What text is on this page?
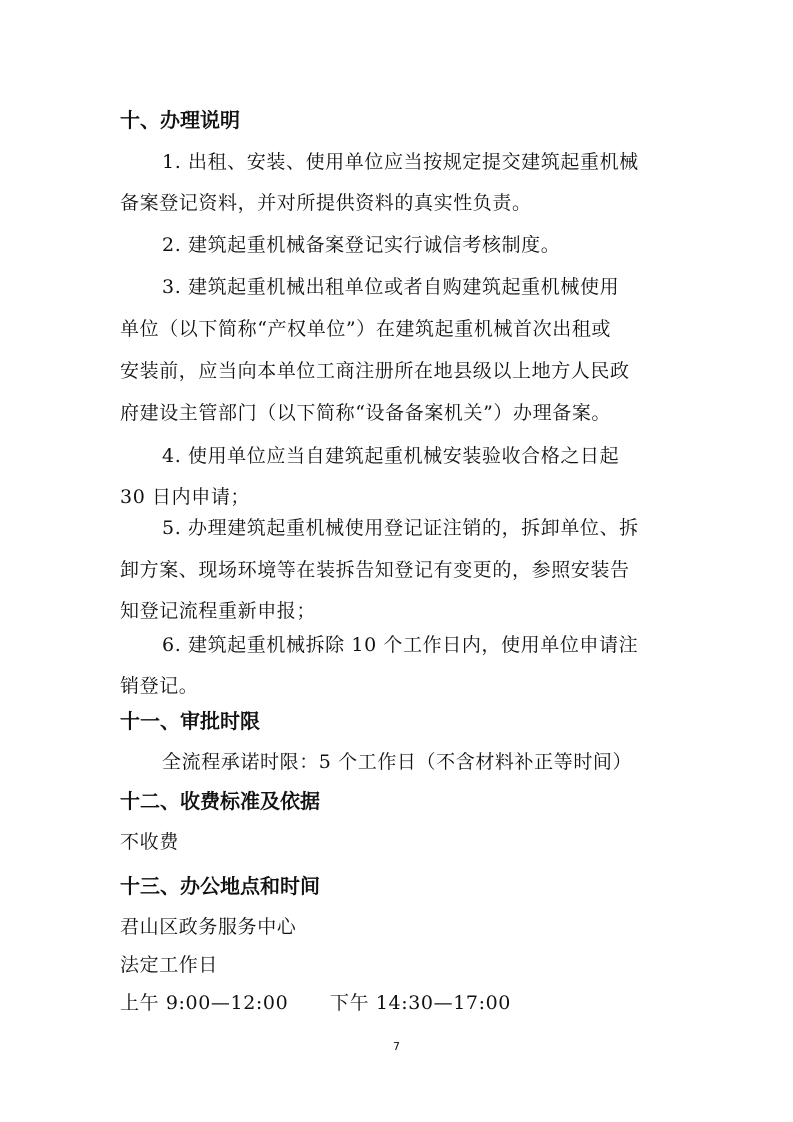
十、办理说明
1. 出租、安装、使用单位应当按规定提交建筑起重机械
备案登记资料，并对所提供资料的真实性负责。
2. 建筑起重机械备案登记实行诚信考核制度。
3. 建筑起重机械出租单位或者自购建筑起重机械使用
单位（以下简称“产权单位”）在建筑起重机械首次出租或
安装前，应当向本单位工商注册所在地县级以上地方人民政
府建设主管部门（以下简称“设备备案机关”）办理备案。
4. 使用单位应当自建筑起重机械安装验收合格之日起
30 日内申请；
5. 办理建筑起重机械使用登记证注销的，拆卸单位、拆
卸方案、现场环境等在装拆告知登记有变更的，参照安装告
知登记流程重新申报；
6. 建筑起重机械拆除 10 个工作日内，使用单位申请注
销登记。
十一、审批时限
全流程承诺时限：5 个工作日（不含材料补正等时间）
十二、收费标准及依据
不收费
十三、办公地点和时间
君山区政务服务中心
法定工作日
上午 9:00—12:00 下午 14:30—17:00
7
